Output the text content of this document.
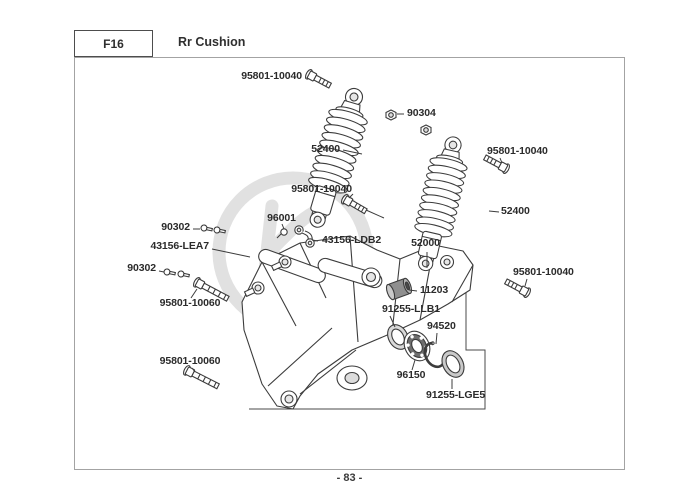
F16	Rr Cushion
95801-10040
90304
52400	95801-10040
95801-10040
52400
96001
90302
43156-LDB2
43156-LEA7	52000
90302
95801-10060
11203
95801-10040
91255-LLB1
94520
96150
91255-LGE5
95801-10060
- 83 -
